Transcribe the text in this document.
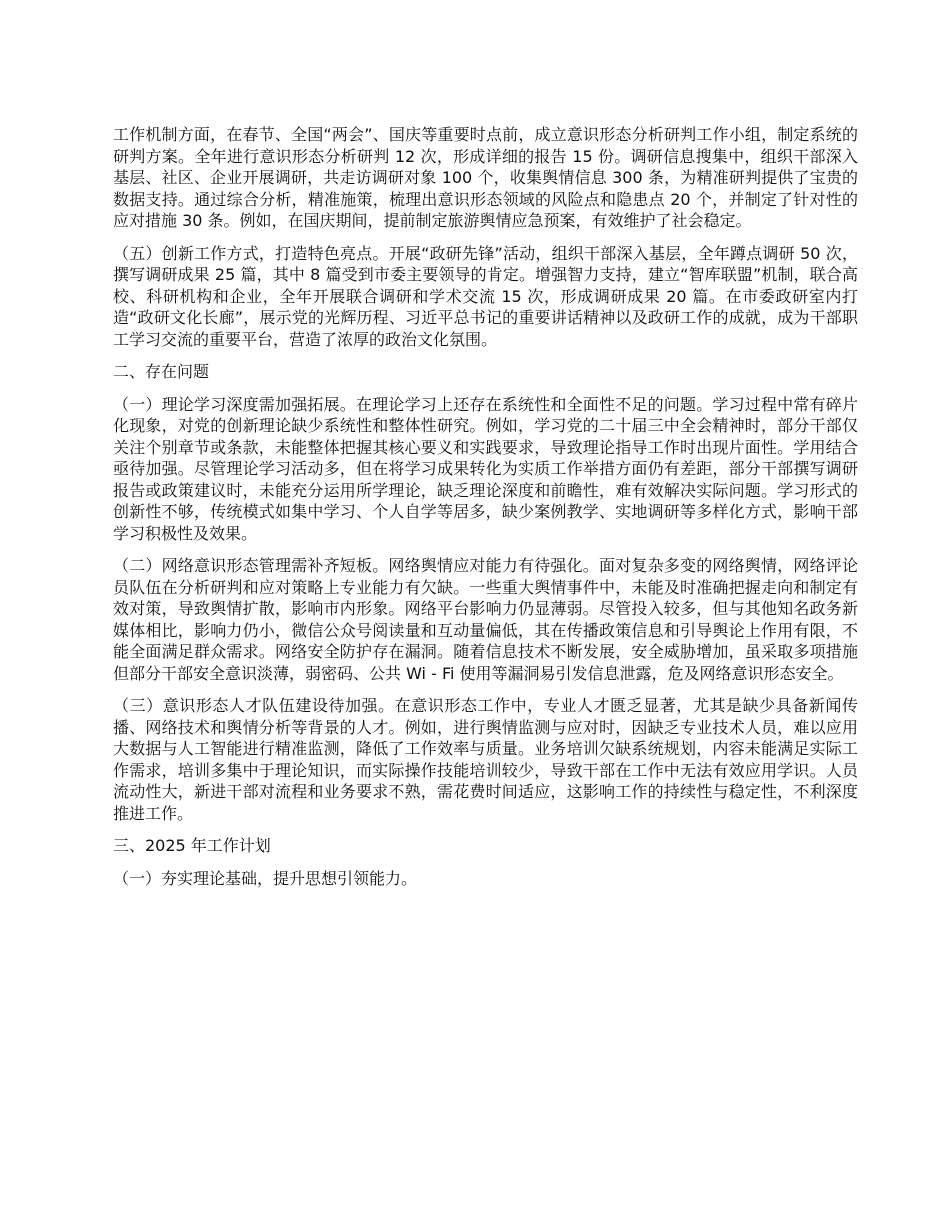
工作机制方面，在春节、全国“两会”、国庆等重要时点前，成立意识形态分析研判工作小组，制定系统的研判方案。全年进行意识形态分析研判 12 次，形成详细的报告 15 份。调研信息搜集中，组织干部深入基层、社区、企业开展调研，共走访调研对象 100 个，收集舆情信息 300 条，为精准研判提供了宝贵的数据支持。通过综合分析，精准施策，梳理出意识形态领域的风险点和隐患点 20 个，并制定了针对性的应对措施 30 条。例如，在国庆期间，提前制定旅游舆情应急预案，有效维护了社会稳定。

（五）创新工作方式，打造特色亮点。开展“政研先锋”活动，组织干部深入基层，全年蹲点调研 50 次，撰写调研成果 25 篇，其中 8 篇受到市委主要领导的肯定。增强智力支持，建立“智库联盟”机制，联合高校、科研机构和企业，全年开展联合调研和学术交流 15 次，形成调研成果 20 篇。在市委政研室内打造“政研文化长廊”，展示党的光辉历程、习近平总书记的重要讲话精神以及政研工作的成就，成为干部职工学习交流的重要平台，营造了浓厚的政治文化氛围。

二、存在问题

（一）理论学习深度需加强拓展。在理论学习上还存在系统性和全面性不足的问题。学习过程中常有碎片化现象，对党的创新理论缺少系统性和整体性研究。例如，学习党的二十届三中全会精神时，部分干部仅关注个别章节或条款，未能整体把握其核心要义和实践要求，导致理论指导工作时出现片面性。学用结合亟待加强。尽管理论学习活动多，但在将学习成果转化为实质工作举措方面仍有差距，部分干部撰写调研报告或政策建议时，未能充分运用所学理论，缺乏理论深度和前瞻性，难有效解决实际问题。学习形式的创新性不够，传统模式如集中学习、个人自学等居多，缺少案例教学、实地调研等多样化方式，影响干部学习积极性及效果。

（二）网络意识形态管理需补齐短板。网络舆情应对能力有待强化。面对复杂多变的网络舆情，网络评论员队伍在分析研判和应对策略上专业能力有欠缺。一些重大舆情事件中，未能及时准确把握走向和制定有效对策，导致舆情扩散，影响市内形象。网络平台影响力仍显薄弱。尽管投入较多，但与其他知名政务新媒体相比，影响力仍小，微信公众号阅读量和互动量偏低，其在传播政策信息和引导舆论上作用有限，不能全面满足群众需求。网络安全防护存在漏洞。随着信息技术不断发展，安全威胁增加，虽采取多项措施但部分干部安全意识淡薄，弱密码、公共 Wi - Fi 使用等漏洞易引发信息泄露，危及网络意识形态安全。

（三）意识形态人才队伍建设待加强。在意识形态工作中，专业人才匮乏显著，尤其是缺少具备新闻传播、网络技术和舆情分析等背景的人才。例如，进行舆情监测与应对时，因缺乏专业技术人员，难以应用大数据与人工智能进行精准监测，降低了工作效率与质量。业务培训欠缺系统规划，内容未能满足实际工作需求，培训多集中于理论知识，而实际操作技能培训较少，导致干部在工作中无法有效应用学识。人员流动性大，新进干部对流程和业务要求不熟，需花费时间适应，这影响工作的持续性与稳定性，不利深度推进工作。

三、2025 年工作计划

（一）夯实理论基础，提升思想引领能力。
